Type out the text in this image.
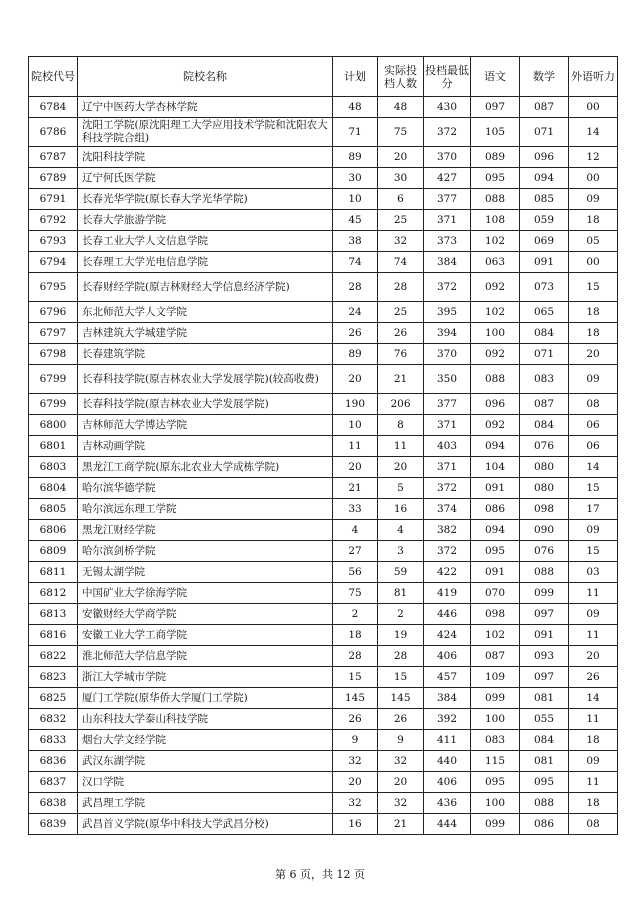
院校代号	院校名称	计划	实际投档人数	投档最低分	语文	数学	外语听力
6784	辽宁中医药大学杏林学院	48	48	430	097	087	00
6786	沈阳工学院(原沈阳理工大学应用技术学院和沈阳农大科技学院合组)	71	75	372	105	071	14
6787	沈阳科技学院	89	20	370	089	096	12
6789	辽宁何氏医学院	30	30	427	095	094	00
6791	长春光华学院(原长春大学光华学院)	10	6	377	088	085	09
6792	长春大学旅游学院	45	25	371	108	059	18
6793	长春工业大学人文信息学院	38	32	373	102	069	05
6794	长春理工大学光电信息学院	74	74	384	063	091	00
6795	长春财经学院(原吉林财经大学信息经济学院)	28	28	372	092	073	15
6796	东北师范大学人文学院	24	25	395	102	065	18
6797	吉林建筑大学城建学院	26	26	394	100	084	18
6798	长春建筑学院	89	76	370	092	071	20
6799	长春科技学院(原吉林农业大学发展学院)(较高收费)	20	21	350	088	083	09
6799	长春科技学院(原吉林农业大学发展学院)	190	206	377	096	087	08
6800	吉林师范大学博达学院	10	8	371	092	084	06
6801	吉林动画学院	11	11	403	094	076	06
6803	黑龙江工商学院(原东北农业大学成栋学院)	20	20	371	104	080	14
6804	哈尔滨华德学院	21	5	372	091	080	15
6805	哈尔滨远东理工学院	33	16	374	086	098	17
6806	黑龙江财经学院	4	4	382	094	090	09
6809	哈尔滨剑桥学院	27	3	372	095	076	15
6811	无锡太湖学院	56	59	422	091	088	03
6812	中国矿业大学徐海学院	75	81	419	070	099	11
6813	安徽财经大学商学院	2	2	446	098	097	09
6816	安徽工业大学工商学院	18	19	424	102	091	11
6822	淮北师范大学信息学院	28	28	406	087	093	20
6823	浙江大学城市学院	15	15	457	109	097	26
6825	厦门工学院(原华侨大学厦门工学院)	145	145	384	099	081	14
6832	山东科技大学泰山科技学院	26	26	392	100	055	11
6833	烟台大学文经学院	9	9	411	083	084	18
6836	武汉东湖学院	32	32	440	115	081	09
6837	汉口学院	20	20	406	095	095	11
6838	武昌理工学院	32	32	436	100	088	18
6839	武昌首义学院(原华中科技大学武昌分校)	16	21	444	099	086	08
第 6 页，共 12 页
